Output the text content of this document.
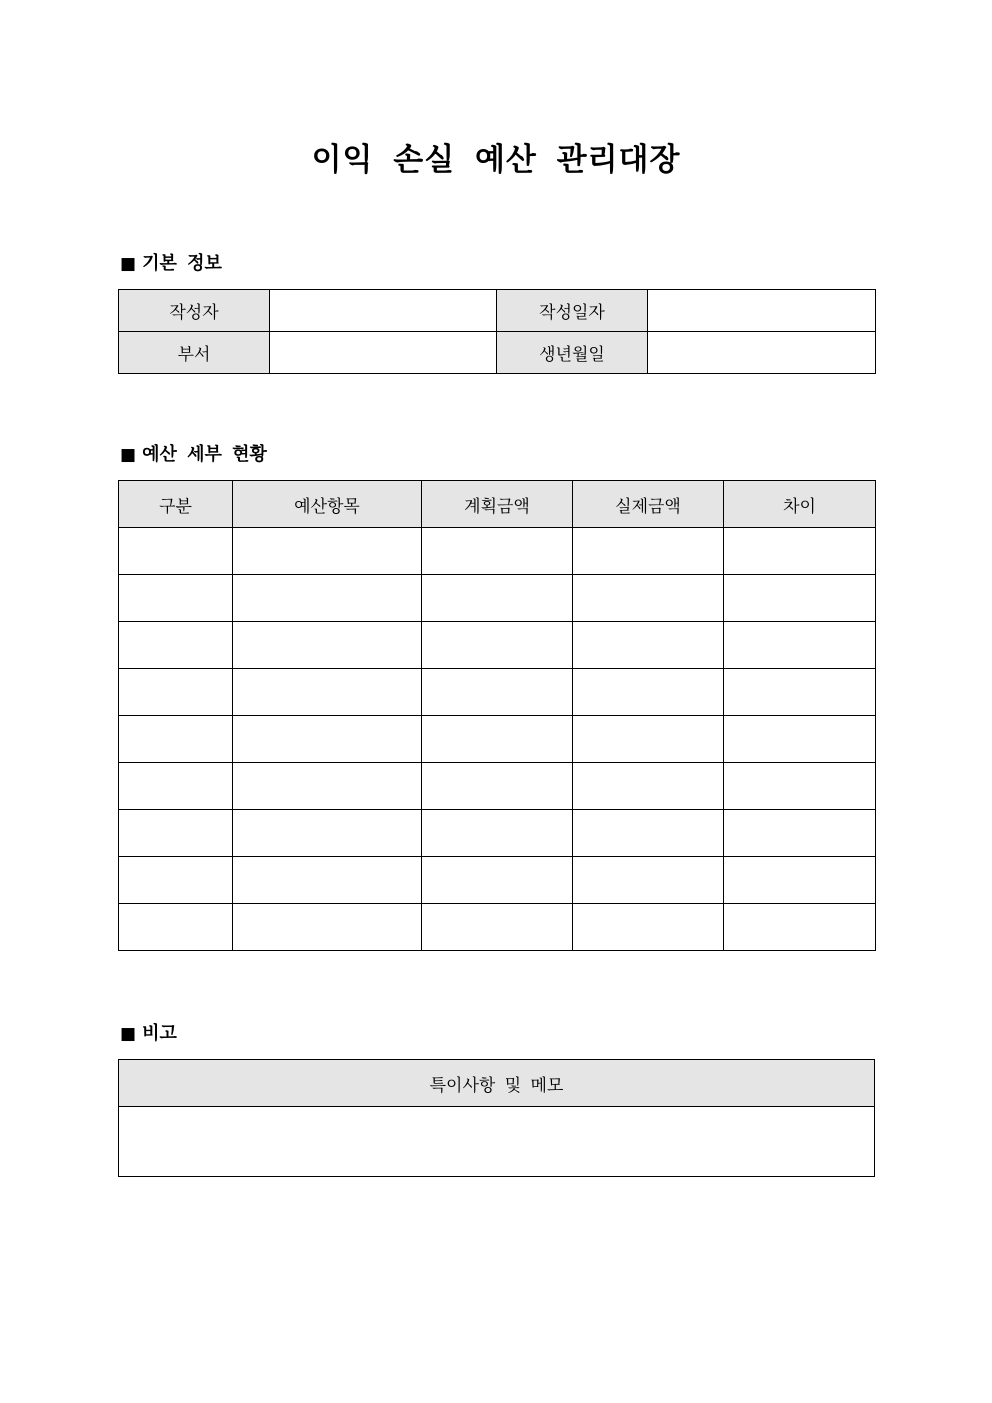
이익 손실 예산 관리대장
■ 기본 정보
작성자		작성일자	
부서		생년월일	
■ 예산 세부 현황
구분	예산항목	계획금액	실제금액	차이

■ 비고
특이사항 및 메모
